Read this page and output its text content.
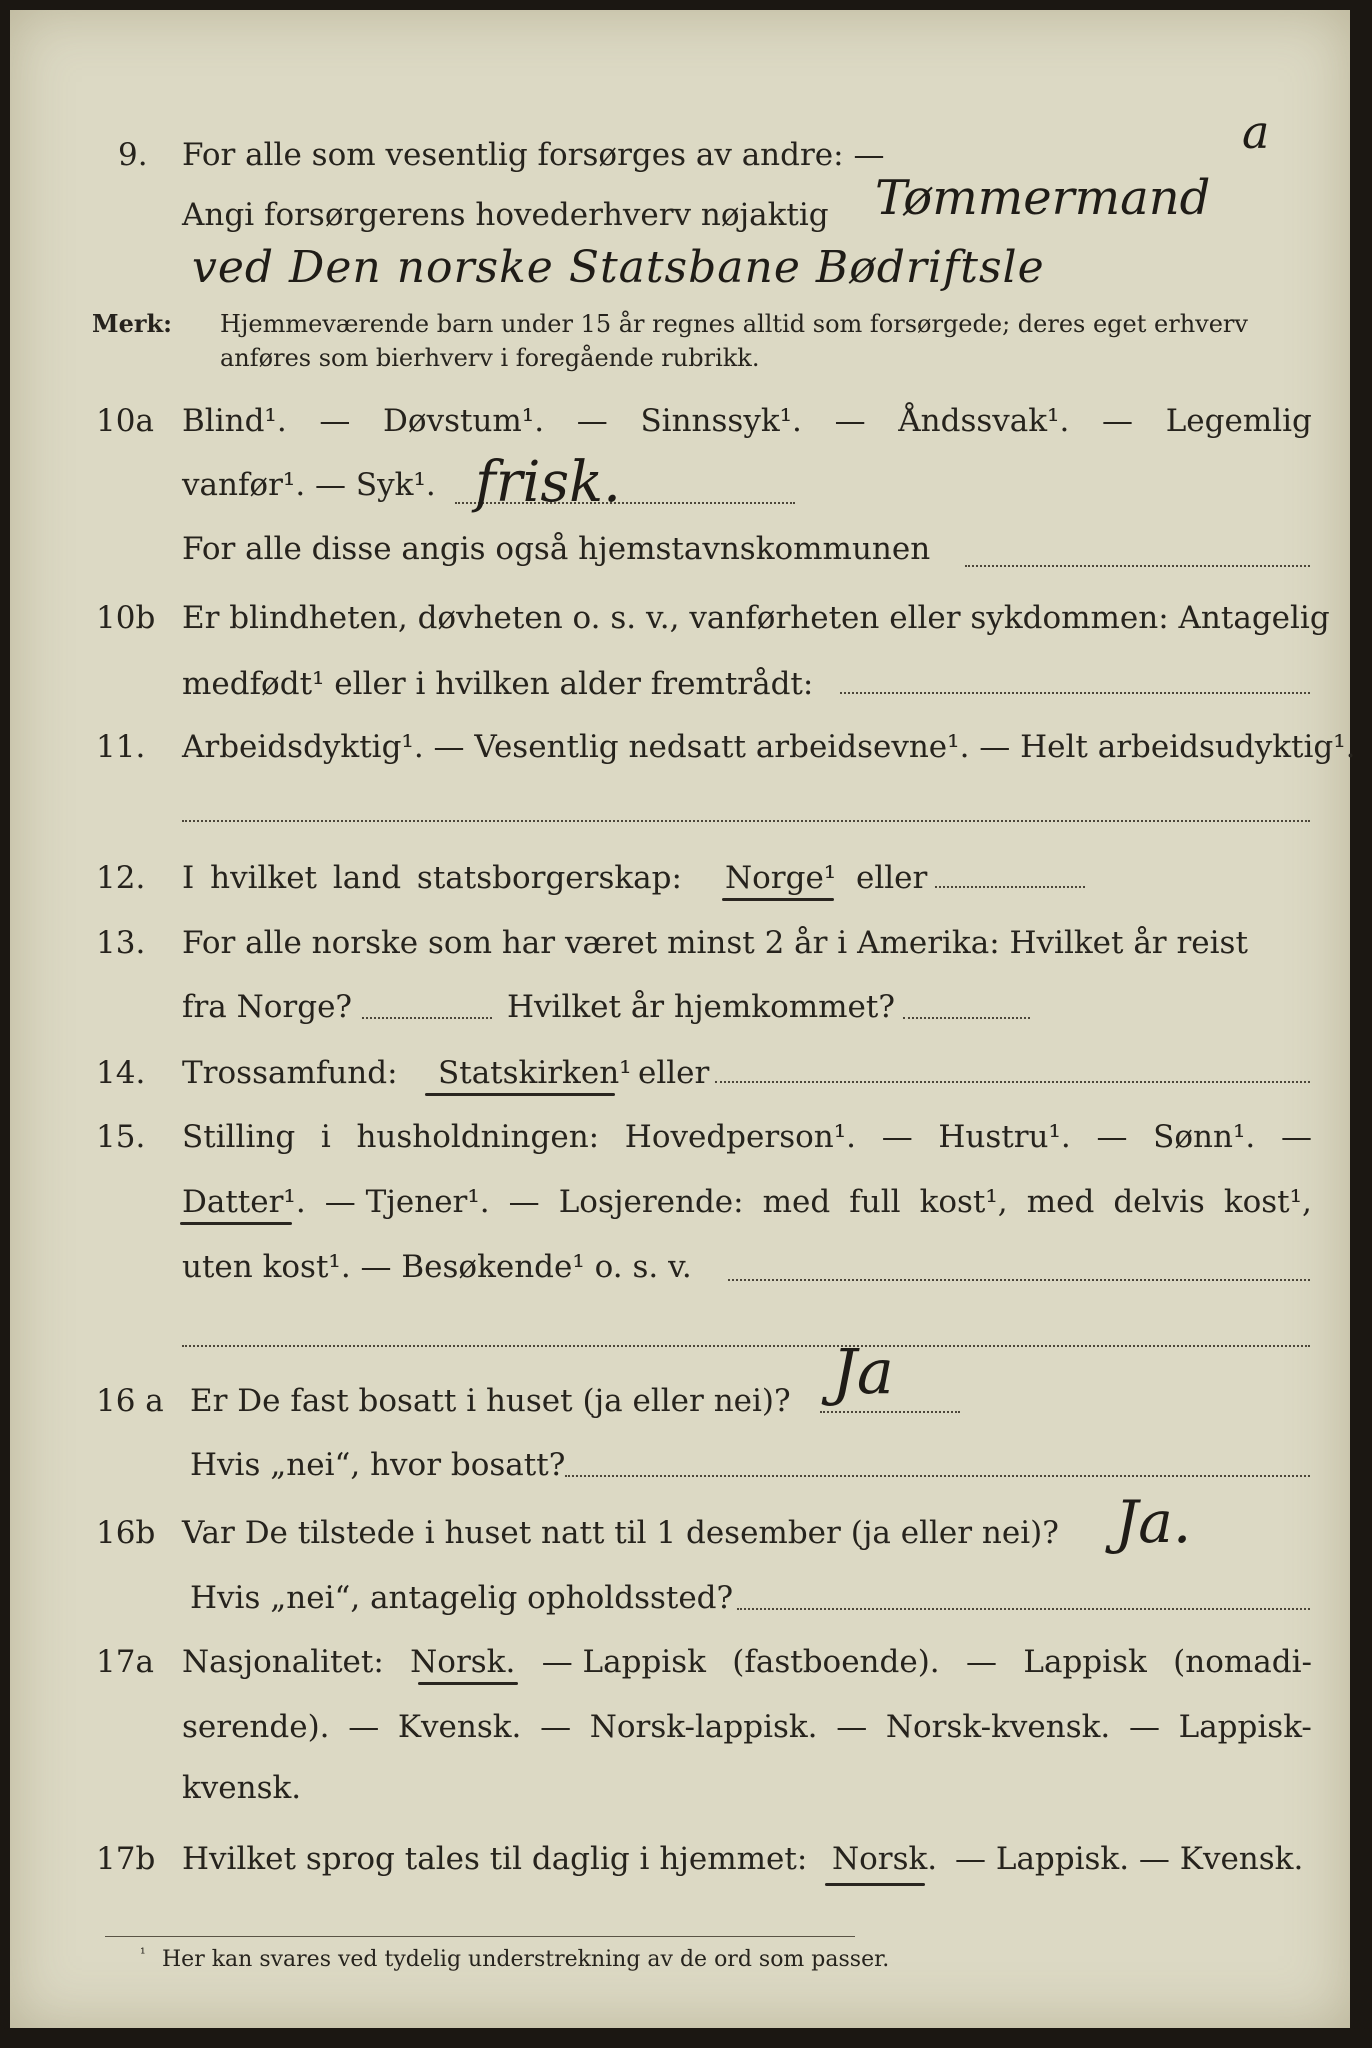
9.	For alle som vesentlig forsørges av andre: —	a
Angi forsørgerens hovederhverv nøjaktig Tømmermand
ved Den norske Statsbane Bødriftsle
Merk: Hjemmeværende barn under 15 år regnes alltid som forsørgede; deres eget erhverv
anføres som bierhverv i foregående rubrikk.
10a Blind¹. — Døvstum¹. — Sinnssyk¹. — Åndssvak¹. — Legemlig
vanfør¹. — Syk¹. frisk.
For alle disse angis også hjemstavnskommunen
10b Er blindheten, døvheten o. s. v., vanførheten eller sykdommen: Antagelig
medfødt¹ eller i hvilken alder fremtrådt:
11.	Arbeidsdyktig¹. — Vesentlig nedsatt arbeidsevne¹. — Helt arbeidsudyktig¹.
12.	I hvilket land statsborgerskap: Norge¹ eller
13.	For alle norske som har været minst 2 år i Amerika: Hvilket år reist
fra Norge?	Hvilket år hjemkommet?
14.	Trossamfund: Statskirken¹ eller
15.	Stilling i husholdningen: Hovedperson¹. — Hustru¹. — Sønn¹. —
Datter¹. — Tjener¹. — Losjerende: med full kost¹, med delvis kost¹,
uten kost¹. — Besøkende¹ o. s. v.
16 a Er De fast bosatt i huset (ja eller nei)? Ja
Hvis „nei“, hvor bosatt?
16b Var De tilstede i huset natt til 1 desember (ja eller nei)? Ja.
Hvis „nei“, antagelig opholdssted?
17a Nasjonalitet: Norsk. — Lappisk (fastboende). — Lappisk (nomadi-
serende). — Kvensk. — Norsk-lappisk. — Norsk-kvensk. — Lappisk-
kvensk.
17b Hvilket sprog tales til daglig i hjemmet: Norsk. — Lappisk. — Kvensk.
¹ Her kan svares ved tydelig understrekning av de ord som passer.
